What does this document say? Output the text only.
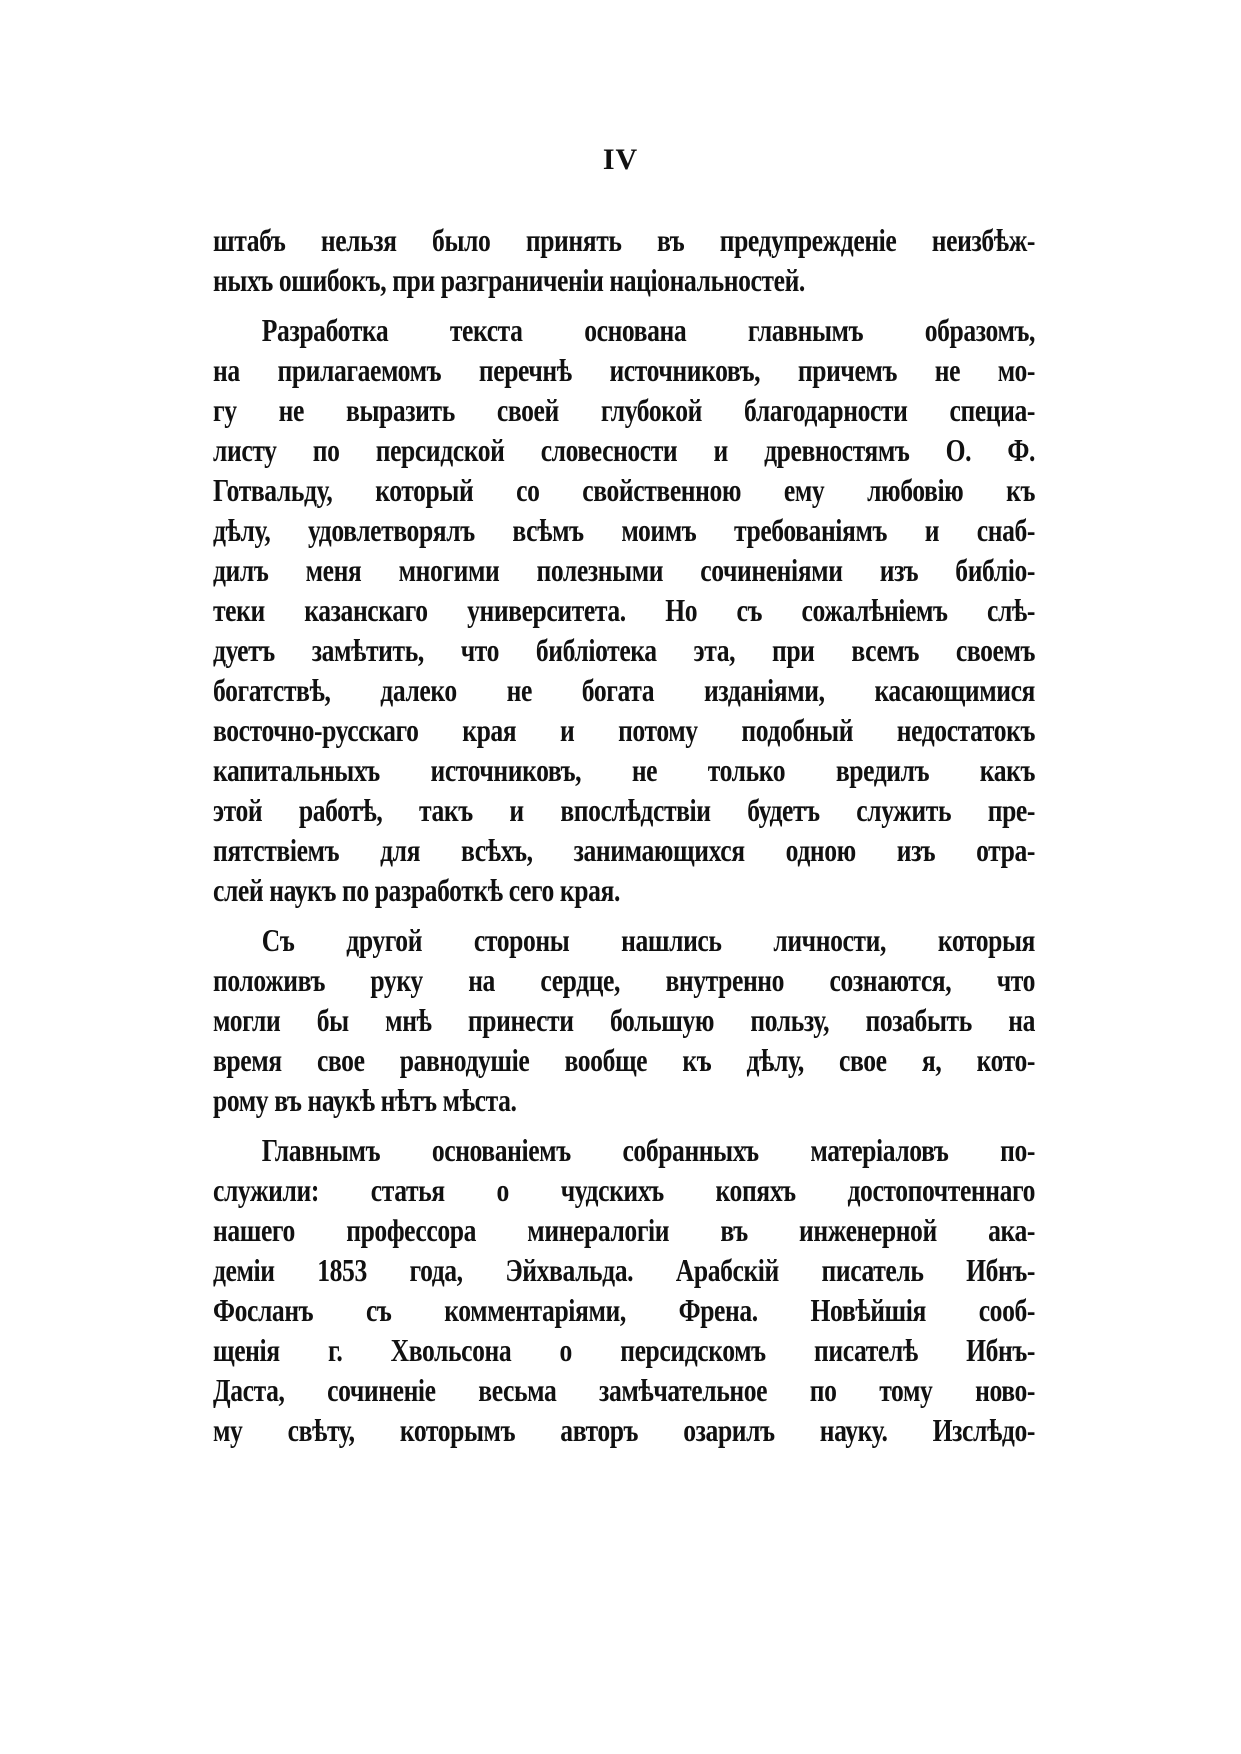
IV
штабъ нельзя было принять въ предупрежденіе неизбѣж-
ныхъ ошибокъ, при разграниченіи національностей.
Разработка текста основана главнымъ образомъ,
на прилагаемомъ перечнѣ источниковъ, причемъ не мо-
гу не выразить своей глубокой благодарности специа-
листу по персидской словесности и древностямъ О. Ф.
Готвальду, который со свойственною ему любовію къ
дѣлу, удовлетворялъ всѣмъ моимъ требованіямъ и снаб-
дилъ меня многими полезными сочиненіями изъ библіо-
теки казанскаго университета. Но съ сожалѣніемъ слѣ-
дуетъ замѣтить, что библіотека эта, при всемъ своемъ
богатствѣ, далеко не богата изданіями, касающимися
восточно-русскаго края и потому подобный недостатокъ
капитальныхъ источниковъ, не только вредилъ какъ
этой работѣ, такъ и впослѣдствіи будетъ служить пре-
пятствіемъ для всѣхъ, занимающихся одною изъ отра-
слей наукъ по разработкѣ сего края.
Съ другой стороны нашлись личности, которыя
положивъ руку на сердце, внутренно сознаются, что
могли бы мнѣ принести большую пользу, позабыть на
время свое равнодушіе вообще къ дѣлу, свое я, кото-
рому въ наукѣ нѣтъ мѣста.
Главнымъ основаніемъ собранныхъ матеріаловъ по-
служили: статья о чудскихъ копяхъ достопочтеннаго
нашего профессора минералогіи въ инженерной ака-
деміи 1853 года, Эйхвальда. Арабскій писатель Ибнъ-
Фосланъ съ комментаріями, Френа. Новѣйшія сооб-
щенія г. Хвольсона о персидскомъ писателѣ Ибнъ-
Даста, сочиненіе весьма замѣчательное по тому ново-
му свѣту, которымъ авторъ озарилъ науку. Изслѣдо-
